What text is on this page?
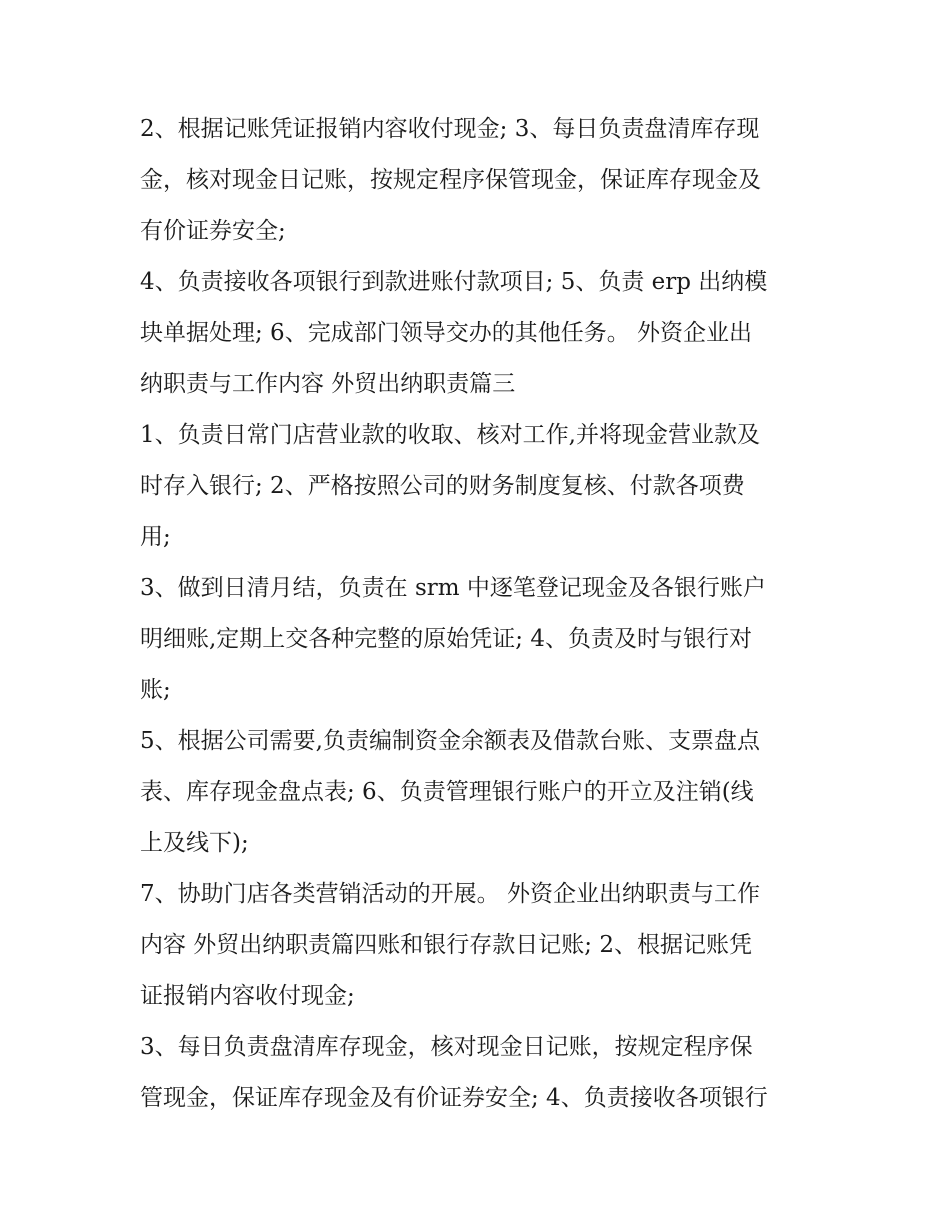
2、根据记账凭证报销内容收付现金; 3、每日负责盘清库存现
金，核对现金日记账，按规定程序保管现金，保证库存现金及
有价证券安全;
4、负责接收各项银行到款进账付款项目; 5、负责 erp 出纳模
块单据处理; 6、完成部门领导交办的其他任务。 外资企业出
纳职责与工作内容 外贸出纳职责篇三
1、负责日常门店营业款的收取、核对工作,并将现金营业款及
时存入银行; 2、严格按照公司的财务制度复核、付款各项费
用;
3、做到日清月结，负责在 srm 中逐笔登记现金及各银行账户
明细账,定期上交各种完整的原始凭证; 4、负责及时与银行对
账;
5、根据公司需要,负责编制资金余额表及借款台账、支票盘点
表、库存现金盘点表; 6、负责管理银行账户的开立及注销(线
上及线下);
7、协助门店各类营销活动的开展。 外资企业出纳职责与工作
内容 外贸出纳职责篇四账和银行存款日记账; 2、根据记账凭
证报销内容收付现金;
3、每日负责盘清库存现金，核对现金日记账，按规定程序保
管现金，保证库存现金及有价证券安全; 4、负责接收各项银行
